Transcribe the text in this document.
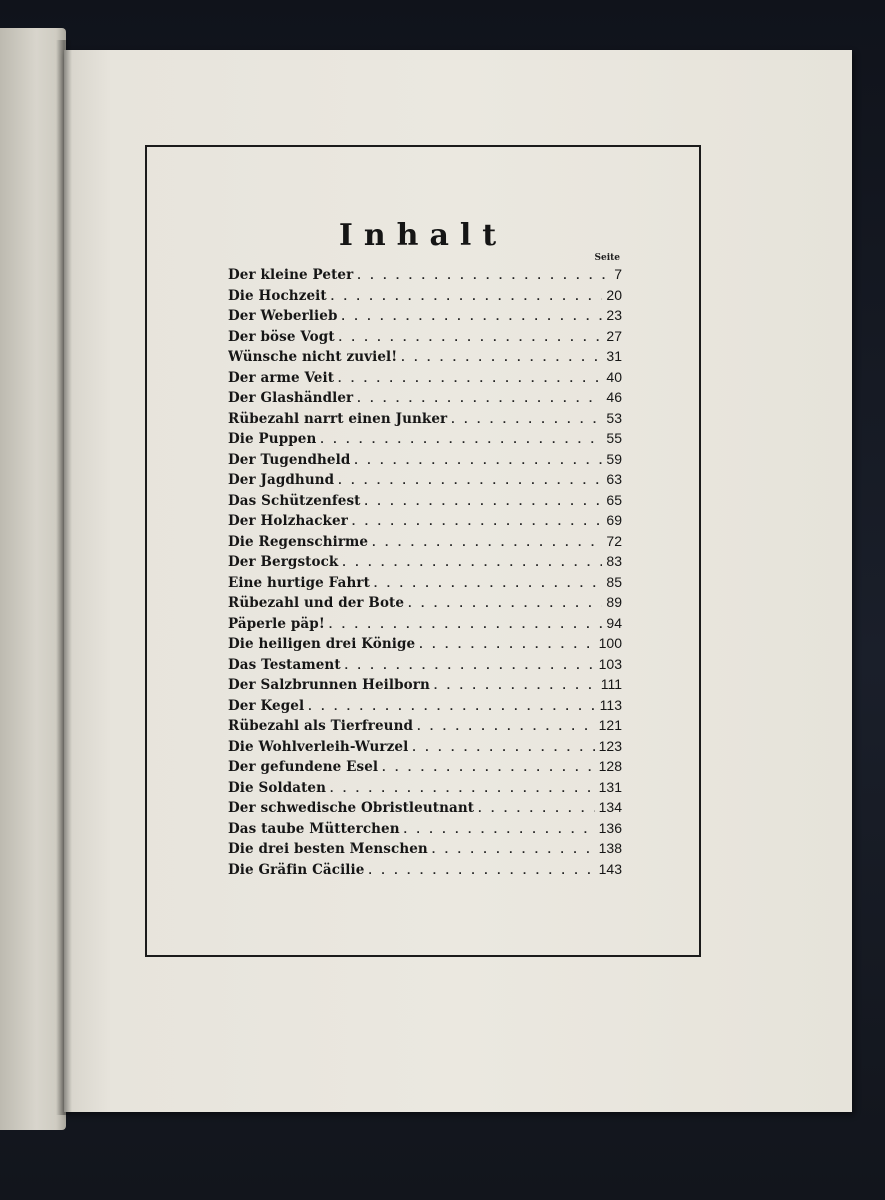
Inhalt
Seite
Der kleine Peter . . .	7
Die Hochzeit . . .	20
Der Weberlieb . . .	23
Der böse Vogt . . .	27
Wünsche nicht zuviel! . . .	31
Der arme Veit . . .	40
Der Glashändler . . .	46
Rübezahl narrt einen Junker . . .	53
Die Puppen . . .	55
Der Tugendheld . . .	59
Der Jagdhund . . .	63
Das Schützenfest . . .	65
Der Holzhacker . . .	69
Die Regenschirme . . .	72
Der Bergstock . . .	83
Eine hurtige Fahrt . . .	85
Rübezahl und der Bote . . .	89
Päperle päp! . . .	94
Die heiligen drei Könige . . .	100
Das Testament . . .	103
Der Salzbrunnen Heilborn . . .	111
Der Kegel . . .	113
Rübezahl als Tierfreund . . .	121
Die Wohlverleih-Wurzel . . .	123
Der gefundene Esel . . .	128
Die Soldaten . . .	131
Der schwedische Obristleutnant . . .	134
Das taube Mütterchen . . .	136
Die drei besten Menschen . . .	138
Die Gräfin Cäcilie . . .	143
